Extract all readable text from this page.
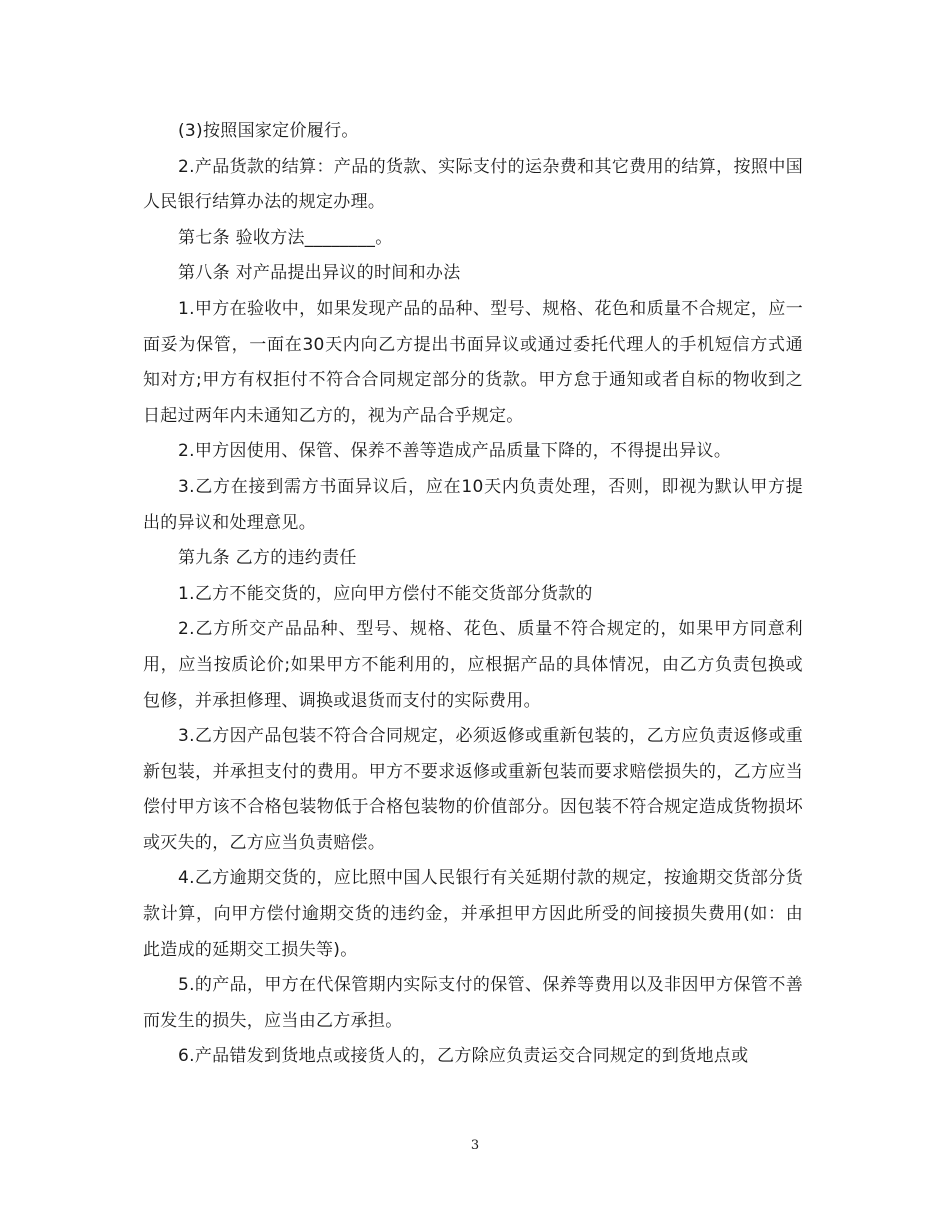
(3)按照国家定价履行。

2.产品货款的结算：产品的货款、实际支付的运杂费和其它费用的结算，按照中国人民银行结算办法的规定办理。

第七条 验收方法________。

第八条 对产品提出异议的时间和办法

1.甲方在验收中，如果发现产品的品种、型号、规格、花色和质量不合规定，应一面妥为保管，一面在30天内向乙方提出书面异议或通过委托代理人的手机短信方式通知对方;甲方有权拒付不符合合同规定部分的货款。甲方怠于通知或者自标的物收到之日起过两年内未通知乙方的，视为产品合乎规定。

2.甲方因使用、保管、保养不善等造成产品质量下降的，不得提出异议。

3.乙方在接到需方书面异议后，应在10天内负责处理，否则，即视为默认甲方提出的异议和处理意见。

第九条 乙方的违约责任

1.乙方不能交货的，应向甲方偿付不能交货部分货款的

2.乙方所交产品品种、型号、规格、花色、质量不符合规定的，如果甲方同意利用，应当按质论价;如果甲方不能利用的，应根据产品的具体情况，由乙方负责包换或包修，并承担修理、调换或退货而支付的实际费用。

3.乙方因产品包装不符合合同规定，必须返修或重新包装的，乙方应负责返修或重新包装，并承担支付的费用。甲方不要求返修或重新包装而要求赔偿损失的，乙方应当偿付甲方该不合格包装物低于合格包装物的价值部分。因包装不符合规定造成货物损坏或灭失的，乙方应当负责赔偿。

4.乙方逾期交货的，应比照中国人民银行有关延期付款的规定，按逾期交货部分货款计算，向甲方偿付逾期交货的违约金，并承担甲方因此所受的间接损失费用(如：由此造成的延期交工损失等)。

5.的产品，甲方在代保管期内实际支付的保管、保养等费用以及非因甲方保管不善而发生的损失，应当由乙方承担。

6.产品错发到货地点或接货人的，乙方除应负责运交合同规定的到货地点或

3
